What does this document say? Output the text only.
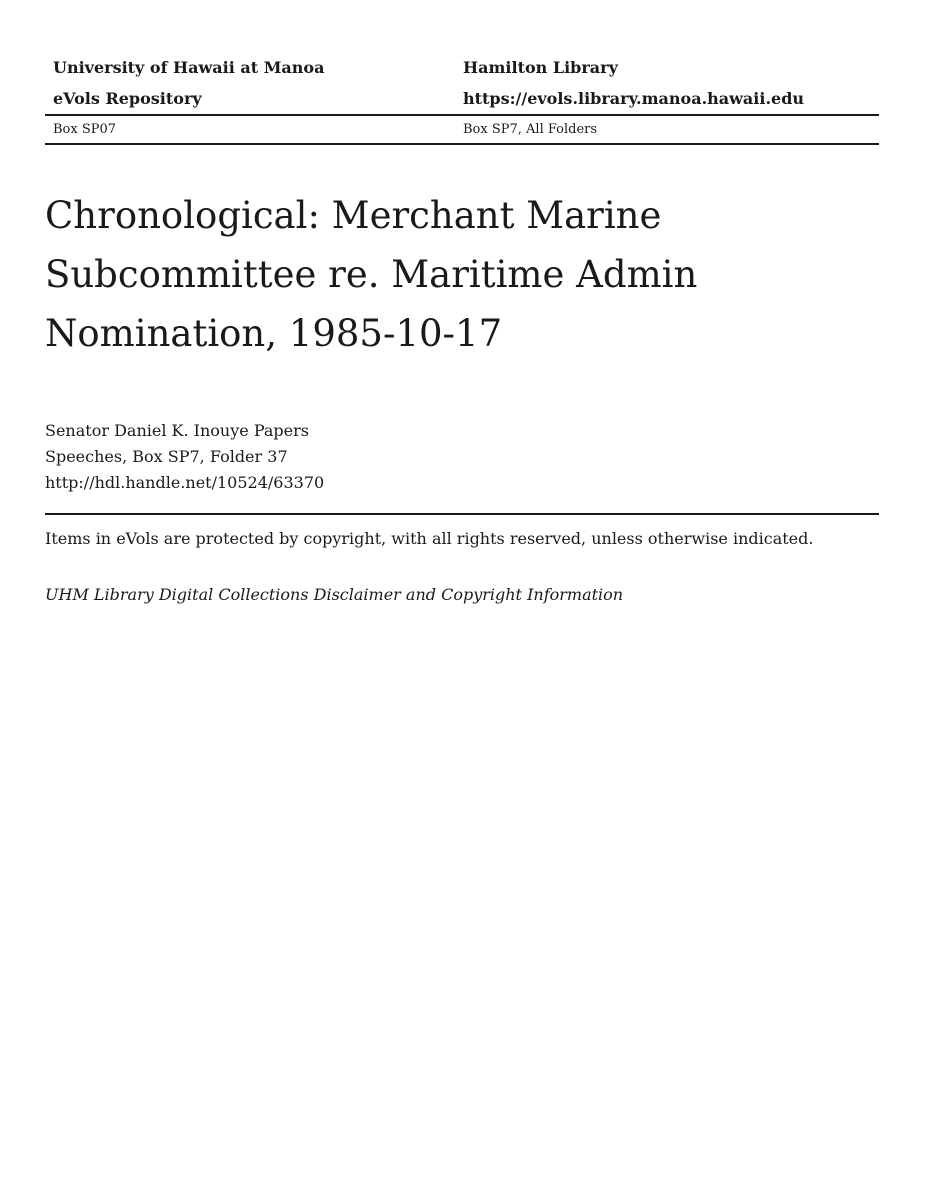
University of Hawaii at Manoa	Hamilton Library
eVols Repository	https://evols.library.manoa.hawaii.edu
Box SP07	Box SP7, All Folders
Chronological: Merchant Marine Subcommittee re. Maritime Admin Nomination, 1985-10-17
Senator Daniel K. Inouye Papers
Speeches, Box SP7, Folder 37
http://hdl.handle.net/10524/63370
Items in eVols are protected by copyright, with all rights reserved, unless otherwise indicated.
UHM Library Digital Collections Disclaimer and Copyright Information
